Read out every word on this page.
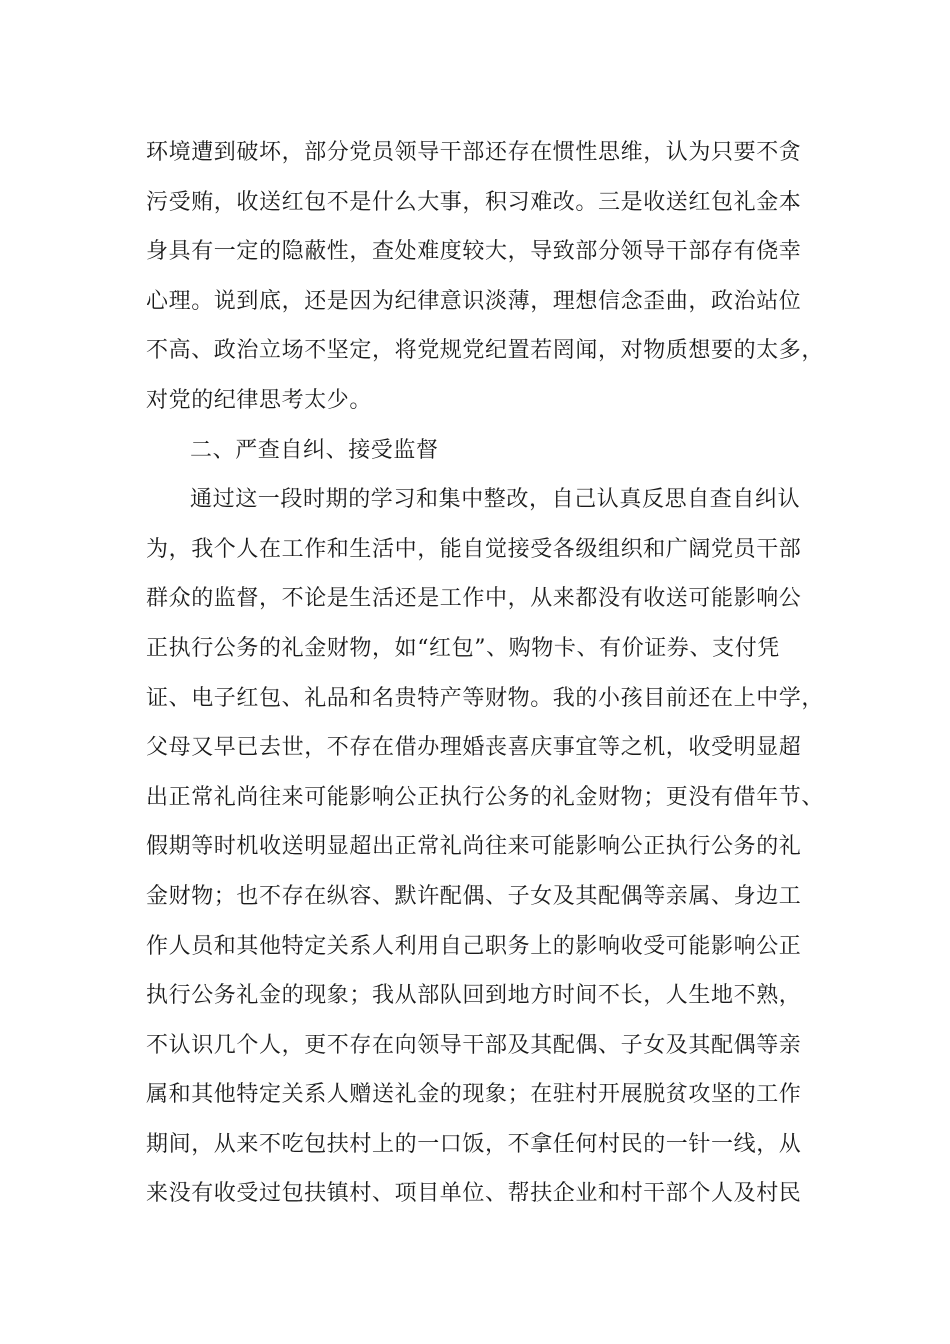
环境遭到破坏，部分党员领导干部还存在惯性思维，认为只要不贪
污受贿，收送红包不是什么大事，积习难改。三是收送红包礼金本
身具有一定的隐蔽性，查处难度较大，导致部分领导干部存有侥幸
心理。说到底，还是因为纪律意识淡薄，理想信念歪曲，政治站位
不高、政治立场不坚定，将党规党纪置若罔闻，对物质想要的太多，
对党的纪律思考太少。
二、严查自纠、接受监督
通过这一段时期的学习和集中整改，自己认真反思自查自纠认
为，我个人在工作和生活中，能自觉接受各级组织和广阔党员干部
群众的监督，不论是生活还是工作中，从来都没有收送可能影响公
正执行公务的礼金财物，如“红包”、购物卡、有价证券、支付凭
证、电子红包、礼品和名贵特产等财物。我的小孩目前还在上中学，
父母又早已去世，不存在借办理婚丧喜庆事宜等之机，收受明显超
出正常礼尚往来可能影响公正执行公务的礼金财物；更没有借年节、
假期等时机收送明显超出正常礼尚往来可能影响公正执行公务的礼
金财物；也不存在纵容、默许配偶、子女及其配偶等亲属、身边工
作人员和其他特定关系人利用自己职务上的影响收受可能影响公正
执行公务礼金的现象；我从部队回到地方时间不长，人生地不熟，
不认识几个人，更不存在向领导干部及其配偶、子女及其配偶等亲
属和其他特定关系人赠送礼金的现象；在驻村开展脱贫攻坚的工作
期间，从来不吃包扶村上的一口饭，不拿任何村民的一针一线，从
来没有收受过包扶镇村、项目单位、帮扶企业和村干部个人及村民
